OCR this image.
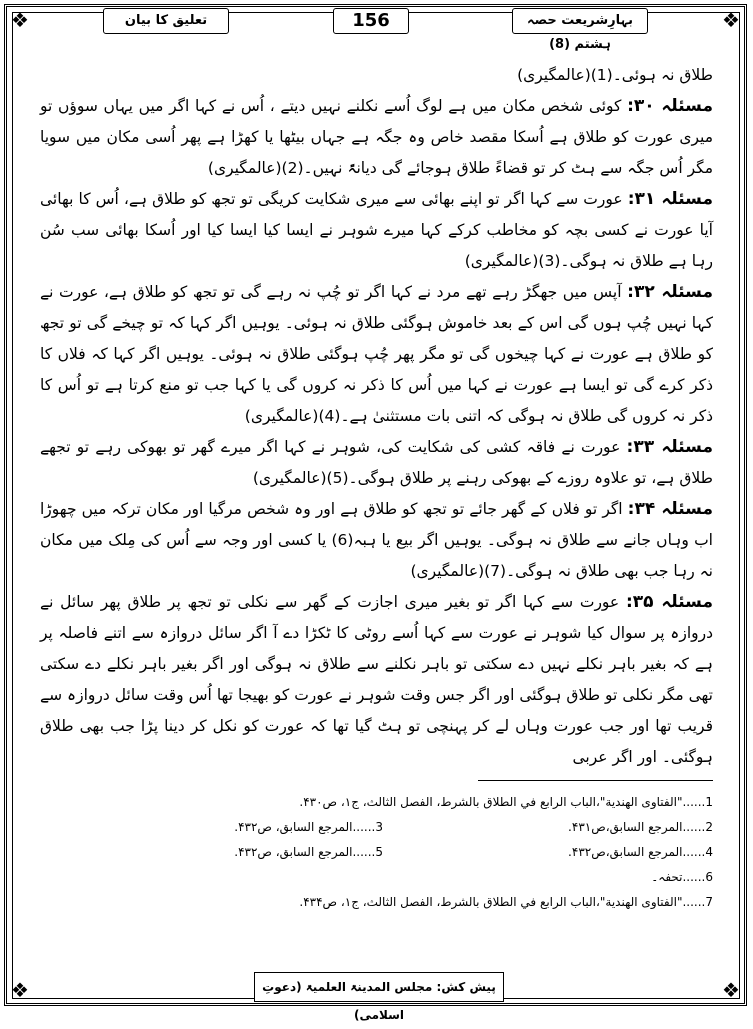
❖	❖
❖	❖
تعلیق کا بیان	156	بہارِشریعت حصہ ہشتم (8)

طلاق نہ ہوئی۔(1)(عالمگیری)

مسئلہ ۳۰: کوئی شخص مکان میں ہے لوگ اُسے نکلنے نہیں دیتے ، اُس نے کہا اگر میں یہاں سوؤں تو میری عورت کو طلاق ہے اُسکا مقصد خاص وہ جگہ ہے جہاں بیٹھا یا کھڑا ہے پھر اُسی مکان میں سویا مگر اُس جگہ سے ہٹ کر تو قضاءً طلاق ہوجائے گی دیانۃً نہیں۔(2)(عالمگیری)

مسئلہ ۳۱: عورت سے کہا اگر تو اپنے بھائی سے میری شکایت کریگی تو تجھ کو طلاق ہے، اُس کا بھائی آیا عورت نے کسی بچہ کو مخاطب کرکے کہا میرے شوہر نے ایسا کیا ایسا کیا اور اُسکا بھائی سب سُن رہا ہے طلاق نہ ہوگی۔(3)(عالمگیری)

مسئلہ ۳۲: آپس میں جھگڑ رہے تھے مرد نے کہا اگر تو چُپ نہ رہے گی تو تجھ کو طلاق ہے، عورت نے کہا نہیں چُپ ہوں گی اس کے بعد خاموش ہوگئی طلاق نہ ہوئی۔ یوہیں اگر کہا کہ تو چیخے گی تو تجھ کو طلاق ہے عورت نے کہا چیخوں گی تو مگر پھر چُپ ہوگئی طلاق نہ ہوئی۔ یوہیں اگر کہا کہ فلاں کا ذکر کرے گی تو ایسا ہے عورت نے کہا میں اُس کا ذکر نہ کروں گی یا کہا جب تو منع کرتا ہے تو اُس کا ذکر نہ کروں گی طلاق نہ ہوگی کہ اتنی بات مستثنیٰ ہے۔(4)(عالمگیری)

مسئلہ ۳۳: عورت نے فاقہ کشی کی شکایت کی، شوہر نے کہا اگر میرے گھر تو بھوکی رہے تو تجھے طلاق ہے، تو علاوہ روزے کے بھوکی رہنے پر طلاق ہوگی۔(5)(عالمگیری)

مسئلہ ۳۴: اگر تو فلاں کے گھر جائے تو تجھ کو طلاق ہے اور وہ شخص مرگیا اور مکان ترکہ میں چھوڑا اب وہاں جانے سے طلاق نہ ہوگی۔ یوہیں اگر بیع یا ہبہ(6) یا کسی اور وجہ سے اُس کی مِلک میں مکان نہ رہا جب بھی طلاق نہ ہوگی۔(7)(عالمگیری)

مسئلہ ۳۵: عورت سے کہا اگر تو بغیر میری اجازت کے گھر سے نکلی تو تجھ پر طلاق پھر سائل نے دروازہ پر سوال کیا شوہر نے عورت سے کہا اُسے روٹی کا ٹکڑا دے آ اگر سائل دروازہ سے اتنے فاصلہ پر ہے کہ بغیر باہر نکلے نہیں دے سکتی تو باہر نکلنے سے طلاق نہ ہوگی اور اگر بغیر باہر نکلے دے سکتی تھی مگر نکلی تو طلاق ہوگئی اور اگر جس وقت شوہر نے عورت کو بھیجا تھا اُس وقت سائل دروازہ سے قریب تھا اور جب عورت وہاں لے کر پہنچی تو ہٹ گیا تھا کہ عورت کو نکل کر دینا پڑا جب بھی طلاق ہوگئی۔ اور اگر عربی

1......"الفتاوی الهندية"،الباب الرابع في الطلاق بالشرط، الفصل الثالث، ج۱، ص۴۳۰.
2......المرجع السابق،ص۴۳۱.
3......المرجع السابق، ص۴۳۲.
4......المرجع السابق،ص۴۳۲.
5......المرجع السابق، ص۴۳۲.
6......تحفہ۔
7......"الفتاوی الهندية"،الباب الرابع في الطلاق بالشرط، الفصل الثالث، ج۱، ص۴۳۴.
پیش کش: مجلس المدینۃ العلمیۃ (دعوتِ اسلامی)
